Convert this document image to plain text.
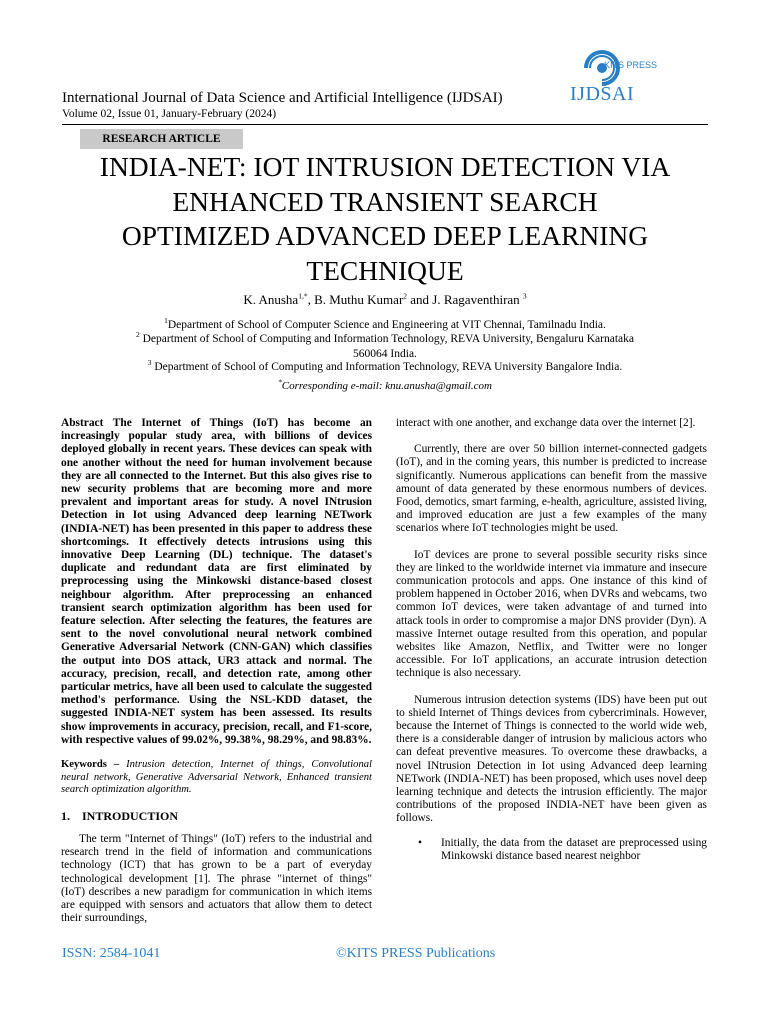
International Journal of Data Science and Artificial Intelligence (IJDSAI)
Volume 02, Issue 01, January-February (2024)
KITS PRESS
IJDSAI
RESEARCH ARTICLE
INDIA-NET: IOT INTRUSION DETECTION VIA
ENHANCED TRANSIENT SEARCH
OPTIMIZED ADVANCED DEEP LEARNING
TECHNIQUE
K. Anusha$^{1,*}$, B. Muthu Kumar$^2$ and J. Ragaventhiran $^3$
$^1$Department of School of Computer Science and Engineering at VIT Chennai, Tamilnadu India.
$^2$ Department of School of Computing and Information Technology, REVA University, Bengaluru Karnataka 560064 India.
$^3$ Department of School of Computing and Information Technology, REVA University Bangalore India.
*Corresponding e-mail: knu.anusha@gmail.com

Abstract The Internet of Things (IoT) has become an increasingly popular study area, with billions of devices deployed globally in recent years. These devices can speak with one another without the need for human involvement because they are all connected to the Internet. But this also gives rise to new security problems that are becoming more and more prevalent and important areas for study. A novel INtrusion Detection in Iot using Advanced deep learning NETwork (INDIA-NET) has been presented in this paper to address these shortcomings. It effectively detects intrusions using this innovative Deep Learning (DL) technique. The dataset's duplicate and redundant data are first eliminated by preprocessing using the Minkowski distance-based closest neighbour algorithm. After preprocessing an enhanced transient search optimization algorithm has been used for feature selection. After selecting the features, the features are sent to the novel convolutional neural network combined Generative Adversarial Network (CNN-GAN) which classifies the output into DOS attack, UR3 attack and normal. The accuracy, precision, recall, and detection rate, among other particular metrics, have all been used to calculate the suggested method's performance. Using the NSL-KDD dataset, the suggested INDIA-NET system has been assessed. Its results show improvements in accuracy, precision, recall, and F1-score, with respective values of 99.02%, 99.38%, 98.29%, and 98.83%.

Keywords – Intrusion detection, Internet of things, Convolutional neural network, Generative Adversarial Network, Enhanced transient search optimization algorithm.

1. INTRODUCTION

The term "Internet of Things" (IoT) refers to the industrial and research trend in the field of information and communications technology (ICT) that has grown to be a part of everyday technological development [1]. The phrase "internet of things" (IoT) describes a new paradigm for communication in which items are equipped with sensors and actuators that allow them to detect their surroundings,

interact with one another, and exchange data over the internet [2].

Currently, there are over 50 billion internet-connected gadgets (IoT), and in the coming years, this number is predicted to increase significantly. Numerous applications can benefit from the massive amount of data generated by these enormous numbers of devices. Food, demotics, smart farming, e-health, agriculture, assisted living, and improved education are just a few examples of the many scenarios where IoT technologies might be used.

IoT devices are prone to several possible security risks since they are linked to the worldwide internet via immature and insecure communication protocols and apps. One instance of this kind of problem happened in October 2016, when DVRs and webcams, two common IoT devices, were taken advantage of and turned into attack tools in order to compromise a major DNS provider (Dyn). A massive Internet outage resulted from this operation, and popular websites like Amazon, Netflix, and Twitter were no longer accessible. For IoT applications, an accurate intrusion detection technique is also necessary.

Numerous intrusion detection systems (IDS) have been put out to shield Internet of Things devices from cybercriminals. However, because the Internet of Things is connected to the world wide web, there is a considerable danger of intrusion by malicious actors who can defeat preventive measures. To overcome these drawbacks, a novel INtrusion Detection in Iot using Advanced deep learning NETwork (INDIA-NET) has been proposed, which uses novel deep learning technique and detects the intrusion efficiently. The major contributions of the proposed INDIA-NET have been given as follows.

• Initially, the data from the dataset are preprocessed using Minkowski distance based nearest neighbor
ISSN: 2584-1041	©KITS PRESS Publications
